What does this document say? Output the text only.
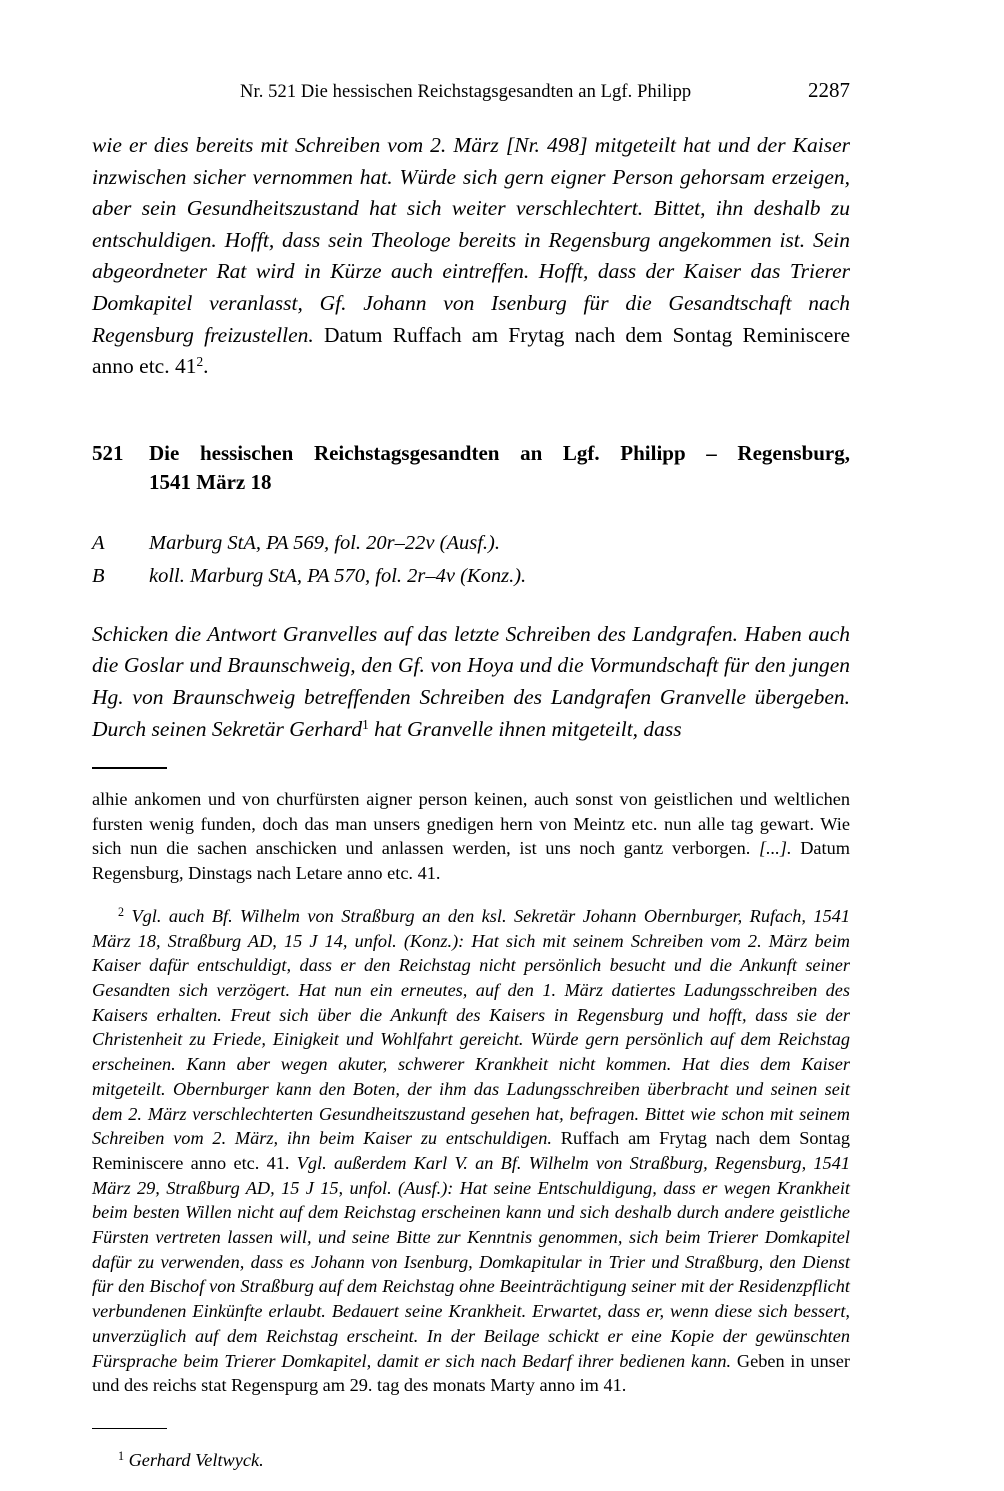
Nr. 521 Die hessischen Reichstagsgesandten an Lgf. Philipp	2287

wie er dies bereits mit Schreiben vom 2. März [Nr. 498] mitgeteilt hat und der Kaiser inzwischen sicher vernommen hat. Würde sich gern eigner Person gehorsam erzeigen, aber sein Gesundheitszustand hat sich weiter verschlechtert. Bittet, ihn deshalb zu entschuldigen. Hofft, dass sein Theologe bereits in Regensburg angekommen ist. Sein abgeordneter Rat wird in Kürze auch eintreffen. Hofft, dass der Kaiser das Trierer Domkapitel veranlasst, Gf. Johann von Isenburg für die Gesandtschaft nach Regensburg freizustellen. Datum Ruffach am Frytag nach dem Sontag Reminiscere anno etc. 41$^2$.

521	Die hessischen Reichstagsgesandten an Lgf. Philipp – Regensburg,
1541 März 18
A	Marburg StA, PA 569, fol. 20r–22v (Ausf.).
B	koll. Marburg StA, PA 570, fol. 2r–4v (Konz.).

Schicken die Antwort Granvelles auf das letzte Schreiben des Landgrafen. Haben auch die Goslar und Braunschweig, den Gf. von Hoya und die Vormundschaft für den jungen Hg. von Braunschweig betreffenden Schreiben des Landgrafen Granvelle übergeben. Durch seinen Sekretär Gerhard$^1$ hat Granvelle ihnen mitgeteilt, dass

alhie ankomen und von churfürsten aigner person keinen, auch sonst von geistlichen und weltlichen fursten wenig funden, doch das man unsers gnedigen hern von Meintz etc. nun alle tag gewart. Wie sich nun die sachen anschicken und anlassen werden, ist uns noch gantz verborgen. [...]. Datum Regensburg, Dinstags nach Letare anno etc. 41.

$^2$ Vgl. auch Bf. Wilhelm von Straßburg an den ksl. Sekretär Johann Obernburger, Rufach, 1541 März 18, Straßburg AD, 15 J 14, unfol. (Konz.): Hat sich mit seinem Schreiben vom 2. März beim Kaiser dafür entschuldigt, dass er den Reichstag nicht persönlich besucht und die Ankunft seiner Gesandten sich verzögert. Hat nun ein erneutes, auf den 1. März datiertes Ladungsschreiben des Kaisers erhalten. Freut sich über die Ankunft des Kaisers in Regensburg und hofft, dass sie der Christenheit zu Friede, Einigkeit und Wohlfahrt gereicht. Würde gern persönlich auf dem Reichstag erscheinen. Kann aber wegen akuter, schwerer Krankheit nicht kommen. Hat dies dem Kaiser mitgeteilt. Obernburger kann den Boten, der ihm das Ladungsschreiben überbracht und seinen seit dem 2. März verschlechterten Gesundheitszustand gesehen hat, befragen. Bittet wie schon mit seinem Schreiben vom 2. März, ihn beim Kaiser zu entschuldigen. Ruffach am Frytag nach dem Sontag Reminiscere anno etc. 41. Vgl. außerdem Karl V. an Bf. Wilhelm von Straßburg, Regensburg, 1541 März 29, Straßburg AD, 15 J 15, unfol. (Ausf.): Hat seine Entschuldigung, dass er wegen Krankheit beim besten Willen nicht auf dem Reichstag erscheinen kann und sich deshalb durch andere geistliche Fürsten vertreten lassen will, und seine Bitte zur Kenntnis genommen, sich beim Trierer Domkapitel dafür zu verwenden, dass es Johann von Isenburg, Domkapitular in Trier und Straßburg, den Dienst für den Bischof von Straßburg auf dem Reichstag ohne Beeinträchtigung seiner mit der Residenzpflicht verbundenen Einkünfte erlaubt. Bedauert seine Krankheit. Erwartet, dass er, wenn diese sich bessert, unverzüglich auf dem Reichstag erscheint. In der Beilage schickt er eine Kopie der gewünschten Fürsprache beim Trierer Domkapitel, damit er sich nach Bedarf ihrer bedienen kann. Geben in unser und des reichs stat Regenspurg am 29. tag des monats Marty anno im 41.

$^1$ Gerhard Veltwyck.
